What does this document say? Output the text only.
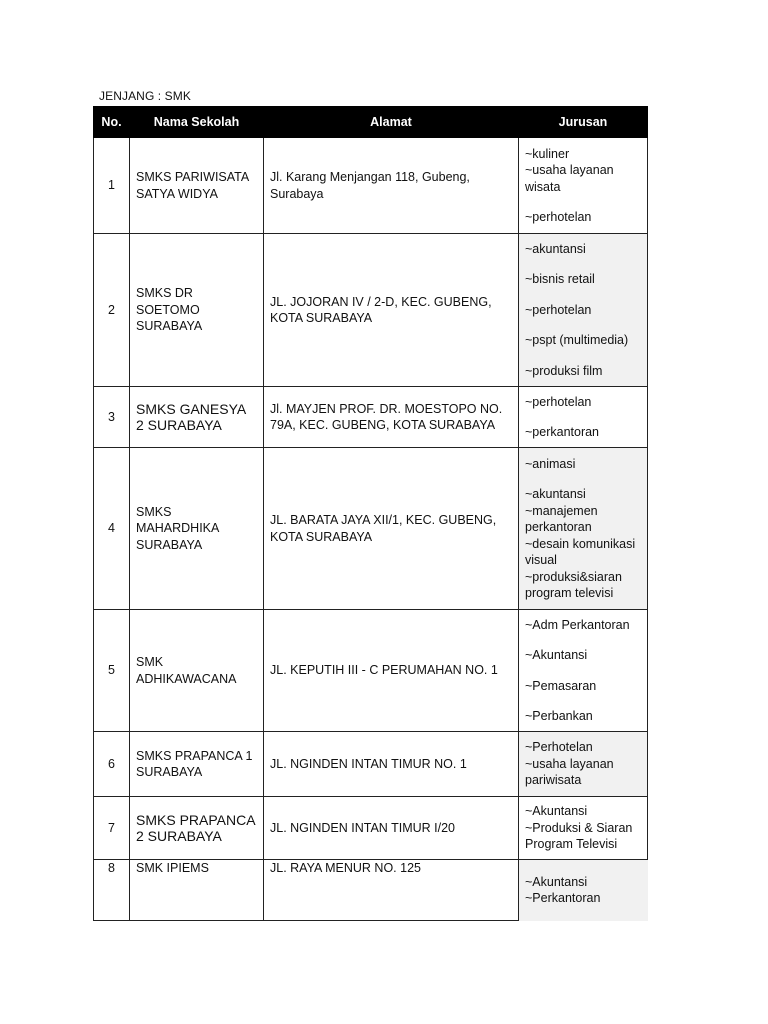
JENJANG : SMK
No.	Nama Sekolah	Alamat	Jurusan
1	SMKS PARIWISATA SATYA WIDYA	Jl. Karang Menjangan 118, Gubeng, Surabaya	~kuliner
~usaha layanan wisata
~perhotelan

2	SMKS DR SOETOMO SURABAYA	JL. JOJORAN IV / 2-D, KEC. GUBENG, KOTA SURABAYA	~akuntansi
~bisnis retail
~perhotelan
~pspt (multimedia)
~produksi film

3	SMKS GANESYA 2 SURABAYA	Jl. MAYJEN PROF. DR. MOESTOPO NO. 79A, KEC. GUBENG, KOTA SURABAYA	~perhotelan
~perkantoran

4	SMKS MAHARDHIKA SURABAYA	JL. BARATA JAYA XII/1, KEC. GUBENG, KOTA SURABAYA	~animasi
~akuntansi
~manajemen perkantoran
~desain komunikasi visual
~produksi&siaran program televisi

5	SMK ADHIKAWACANA	JL. KEPUTIH III - C PERUMAHAN NO. 1	~Adm Perkantoran
~Akuntansi
~Pemasaran
~Perbankan

6	SMKS PRAPANCA 1 SURABAYA	JL. NGINDEN INTAN TIMUR NO. 1	~Perhotelan
~usaha layanan pariwisata

7	SMKS PRAPANCA 2 SURABAYA	JL. NGINDEN INTAN TIMUR I/20	~Akuntansi
~Produksi & Siaran Program Televisi

8	SMK IPIEMS	JL. RAYA MENUR NO. 125	~Akuntansi
~Perkantoran
